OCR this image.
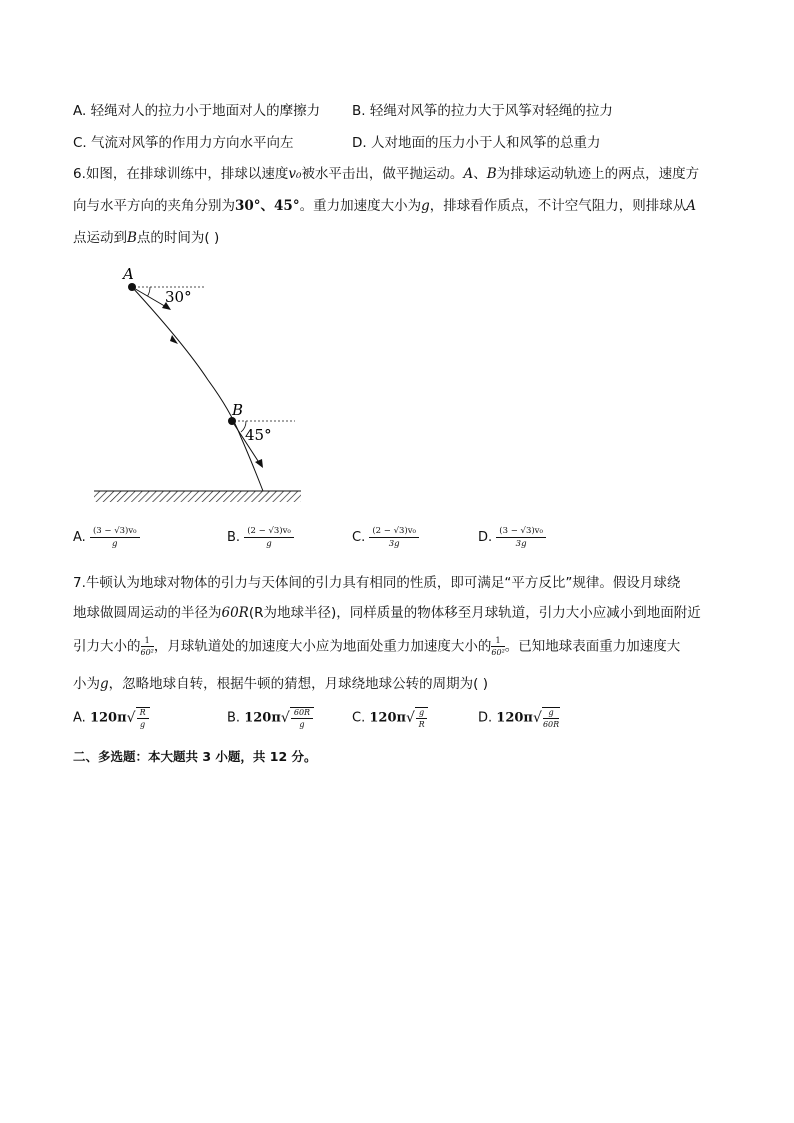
A. 轻绳对人的拉力小于地面对人的摩擦力 B. 轻绳对风筝的拉力大于风筝对轻绳的拉力
C. 气流对风筝的作用力方向水平向左	D. 人对地面的压力小于人和风筝的总重力
6.如图，在排球训练中，排球以速度v₀被水平击出，做平抛运动。A、B为排球运动轨迹上的两点，速度方
向与水平方向的夹角分别为30°、45°。重力加速度大小为g，排球看作质点，不计空气阻力，则排球从A
点运动到B点的时间为( )
A
30°
B
45°
A. $\frac{\text{(3 − √3)v₀}}{g}$	B. $\frac{\text{(2 − √3)v₀}}{g}$	C. $\frac{\text{(2 − √3)v₀}}{3g}$	D. $\frac{\text{(3 − √3)v₀}}{3g}$
7.牛顿认为地球对物体的引力与天体间的引力具有相同的性质，即可满足“平方反比”规律。假设月球绕
地球做圆周运动的半径为60R(R为地球半径)，同样质量的物体移至月球轨道，引力大小应减小到地面附近
引力大小的 $\frac{1}{\text{60²}}$ ，月球轨道处的加速度大小应为地面处重力加速度大小的 $\frac{1}{\text{60²}}$ 。已知地球表面重力加速度大
小为g，忽略地球自转，根据牛顿的猜想，月球绕地球公转的周期为( )
A. 120π √ $\frac{R}{g}$	B. 120π √ $\frac{60R}{g}$	C. 120π √ $\frac{g}{R}$	D. 120π √ $\frac{g}{60R}$
二、多选题：本大题共 3 小题，共 12 分。
